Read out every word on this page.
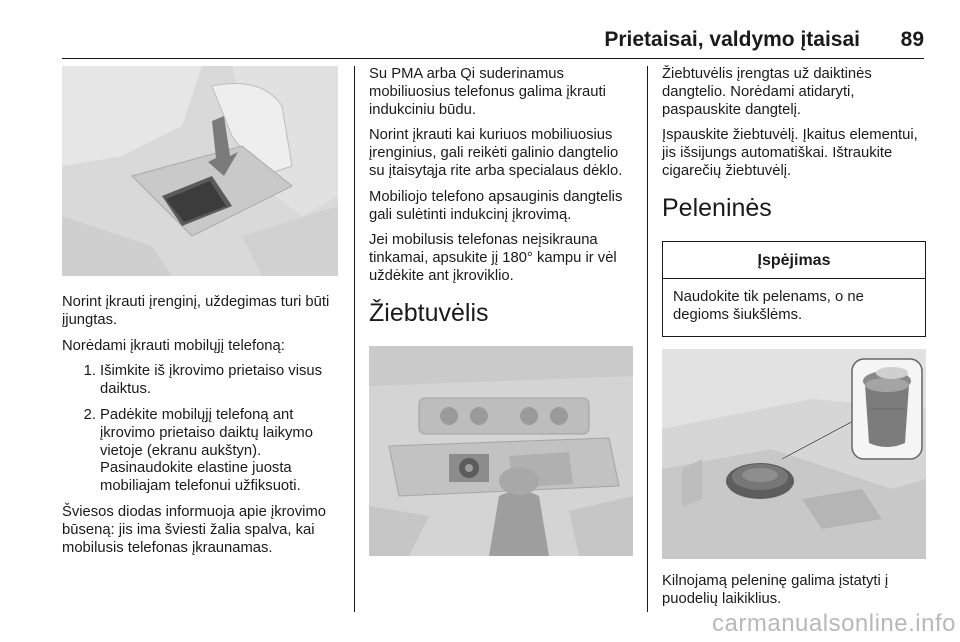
Prietaisai, valdymo įtaisai 89

Norint įkrauti įrenginį, uždegimas turi būti įjungtas.

Norėdami įkrauti mobilųjį telefoną:

1. Išimkite iš įkrovimo prietaiso visus daiktus.
2. Padėkite mobilųjį telefoną ant įkrovimo prietaiso daiktų laikymo vietoje (ekranu aukštyn). Pasinaudokite elastine juosta mobiliajam telefonui užfiksuoti.

Šviesos diodas informuoja apie įkrovimo būseną: jis ima šviesti žalia spalva, kai mobilusis telefonas įkraunamas.

Su PMA arba Qi suderinamus mobiliuosius telefonus galima įkrauti indukciniu būdu.

Norint įkrauti kai kuriuos mobiliuosius įrenginius, gali reikėti galinio dangtelio su įtaisytąja rite arba specialaus dėklo.

Mobiliojo telefono apsauginis dangtelis gali sulėtinti indukcinį įkrovimą.

Jei mobilusis telefonas neįsikrauna tinkamai, apsukite jį 180° kampu ir vėl uždėkite ant įkroviklio.

Žiebtuvėlis

Žiebtuvėlis įrengtas už daiktinės dangtelio. Norėdami atidaryti, paspauskite dangtelį.

Įspauskite žiebtuvėlį. Įkaitus elementui, jis išsijungs automatiškai. Ištraukite cigarečių žiebtuvėlį.

Peleninės
Įspėjimas
Naudokite tik pelenams, o ne degioms šiukšlėms.

Kilnojamą peleninę galima įstatyti į puodelių laikiklius.

carmanualsonline.info
